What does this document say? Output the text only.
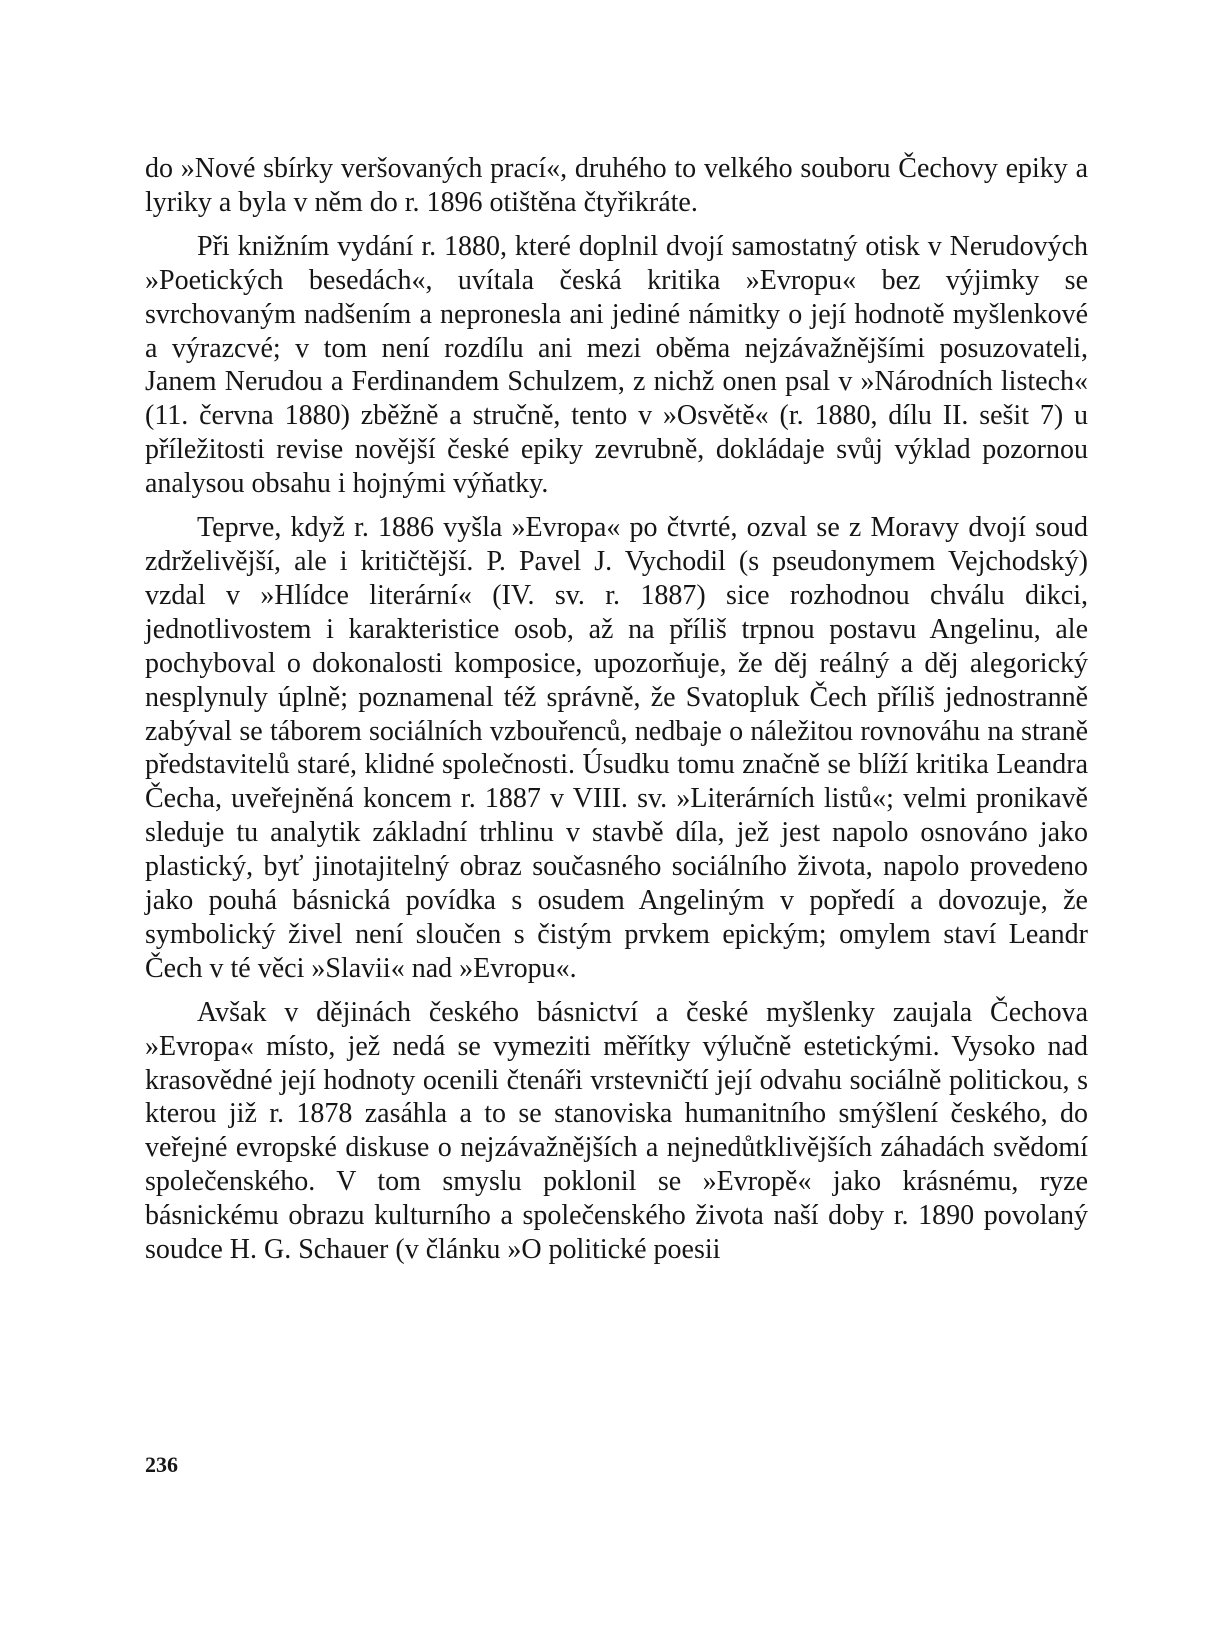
do »Nové sbírky veršovaných prací«, druhého to velkého souboru Čechovy epiky a lyriky a byla v něm do r. 1896 otištěna čtyřikráte.

Při knižním vydání r. 1880, které doplnil dvojí samostatný otisk v Nerudových »Poetických besedách«, uvítala česká kritika »Evropu« bez výjimky se svrchovaným nadšením a nepronesla ani jediné námitky o její hodnotě myšlenkové a výrazcvé; v tom není rozdílu ani mezi oběma nejzávažnějšími posuzovateli, Janem Nerudou a Ferdinandem Schulzem, z nichž onen psal v »Národních listech« (11. června 1880) zběžně a stručně, tento v »Osvětě« (r. 1880, dílu II. sešit 7) u příležitosti revise novější české epiky zevrubně, dokládaje svůj výklad pozornou analysou obsahu i hojnými výňatky.

Teprve, když r. 1886 vyšla »Evropa« po čtvrté, ozval se z Moravy dvojí soud zdrželivější, ale i kritičtější. P. Pavel J. Vychodil (s pseudonymem Vejchodský) vzdal v »Hlídce literární« (IV. sv. r. 1887) sice rozhodnou chválu dikci, jednotlivostem i karakteristice osob, až na příliš trpnou postavu Angelinu, ale pochyboval o dokonalosti komposice, upozorňuje, že děj reálný a děj alegorický nesplynuly úplně; poznamenal též správně, že Svatopluk Čech příliš jednostranně zabýval se táborem sociálních vzbouřenců, nedbaje o náležitou rovnováhu na straně představitelů staré, klidné společnosti. Úsudku tomu značně se blíží kritika Leandra Čecha, uveřejněná koncem r. 1887 v VIII. sv. »Literárních listů«; velmi pronikavě sleduje tu analytik základní trhlinu v stavbě díla, jež jest napolo osnováno jako plastický, byť jinotajitelný obraz současného sociálního života, napolo provedeno jako pouhá básnická povídka s osudem Angeliným v popředí a dovozuje, že symbolický živel není sloučen s čistým prvkem epickým; omylem staví Leandr Čech v té věci »Slavii« nad »Evropu«.

Avšak v dějinách českého básnictví a české myšlenky zaujala Čechova »Evropa« místo, jež nedá se vymeziti měřítky výlučně estetickými. Vysoko nad krasovědné její hodnoty ocenili čtenáři vrstevničtí její odvahu sociálně politickou, s kterou již r. 1878 zasáhla a to se stanoviska humanitního smýšlení českého, do veřejné evropské diskuse o nejzávažnějších a nejnedůtklivějších záhadách svědomí společenského. V tom smyslu poklonil se »Evropě« jako krásnému, ryze básnickému obrazu kulturního a společenského života naší doby r. 1890 povolaný soudce H. G. Schauer (v článku »O politické poesii

236
